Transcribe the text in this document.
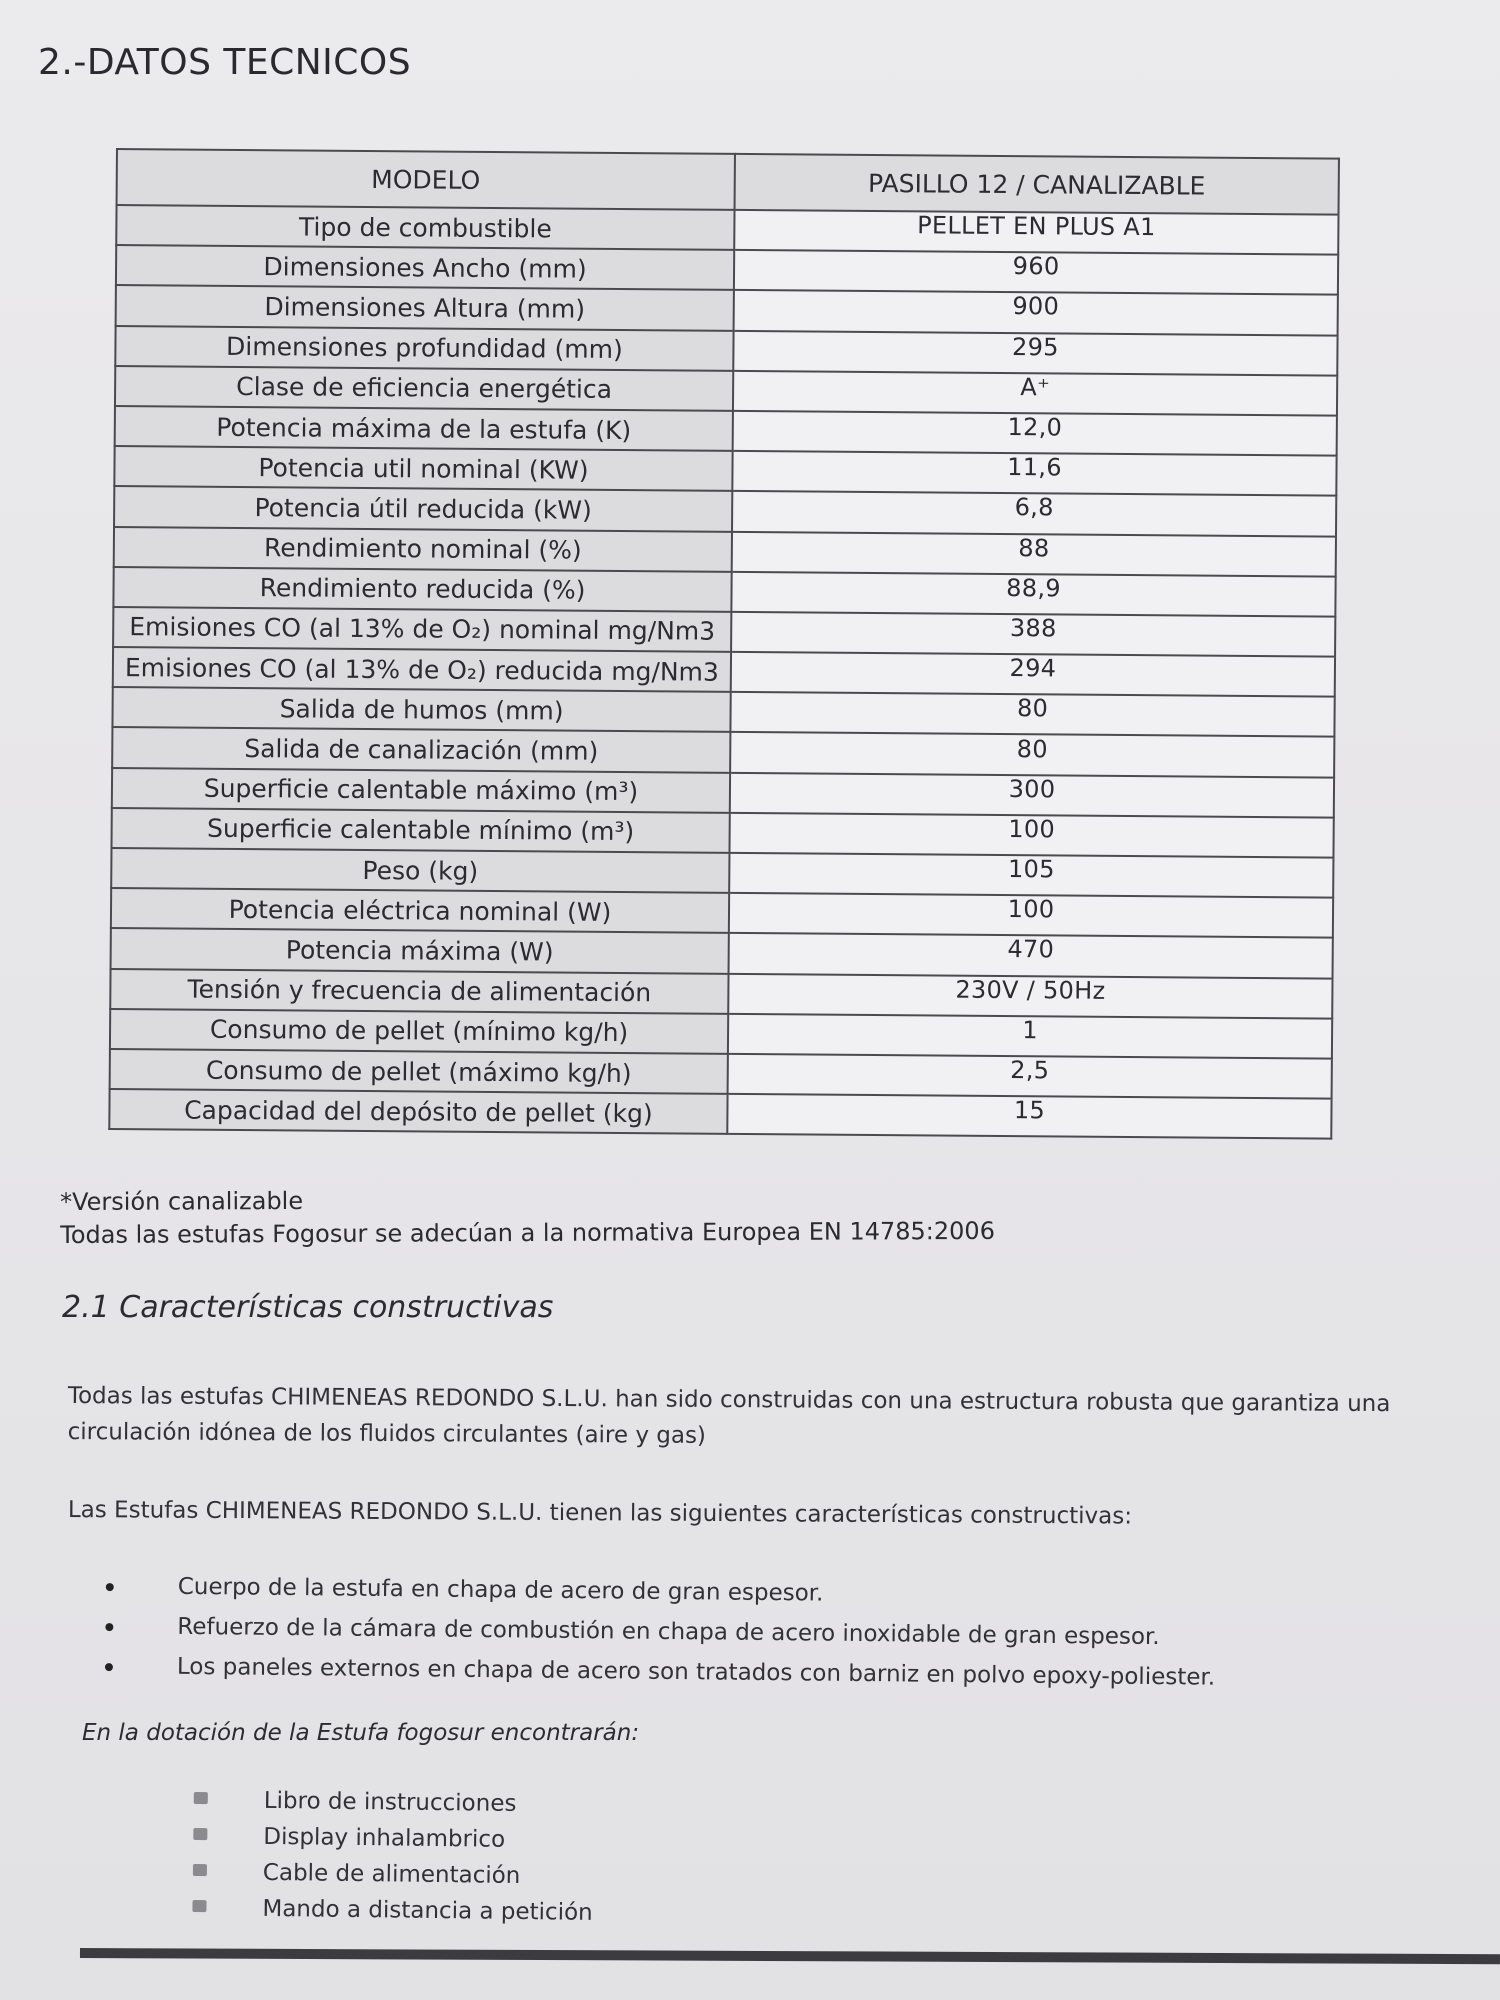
2.-DATOS TECNICOS
MODELO	PASILLO 12 / CANALIZABLE
Tipo de combustible	PELLET EN PLUS A1
Dimensiones Ancho (mm)	960
Dimensiones Altura (mm)	900
Dimensiones profundidad (mm)	295
Clase de eficiencia energética	A⁺
Potencia máxima de la estufa (K)	12,0
Potencia util nominal (KW)	11,6
Potencia útil reducida (kW)	6,8
Rendimiento nominal (%)	88
Rendimiento reducida (%)	88,9
Emisiones CO (al 13% de O₂) nominal mg/Nm3	388
Emisiones CO (al 13% de O₂) reducida mg/Nm3	294
Salida de humos (mm)	80
Salida de canalización (mm)	80
Superficie calentable máximo (m³)	300
Superficie calentable mínimo (m³)	100
Peso (kg)	105
Potencia eléctrica nominal (W)	100
Potencia máxima (W)	470
Tensión y frecuencia de alimentación	230V / 50Hz
Consumo de pellet (mínimo kg/h)	1
Consumo de pellet (máximo kg/h)	2,5
Capacidad del depósito de pellet (kg)	15

*Versión canalizable

Todas las estufas Fogosur se adecúan a la normativa Europea EN 14785:2006

2.1 Características constructivas

Todas las estufas CHIMENEAS REDONDO S.L.U. han sido construidas con una estructura robusta que garantiza una circulación idónea de los fluidos circulantes (aire y gas)

Las Estufas CHIMENEAS REDONDO S.L.U. tienen las siguientes características constructivas:

Cuerpo de la estufa en chapa de acero de gran espesor.
Refuerzo de la cámara de combustión en chapa de acero inoxidable de gran espesor.
Los paneles externos en chapa de acero son tratados con barniz en polvo epoxy-poliester.

En la dotación de la Estufa fogosur encontrarán:

Libro de instrucciones
Display inhalambrico
Cable de alimentación
Mando a distancia a petición
